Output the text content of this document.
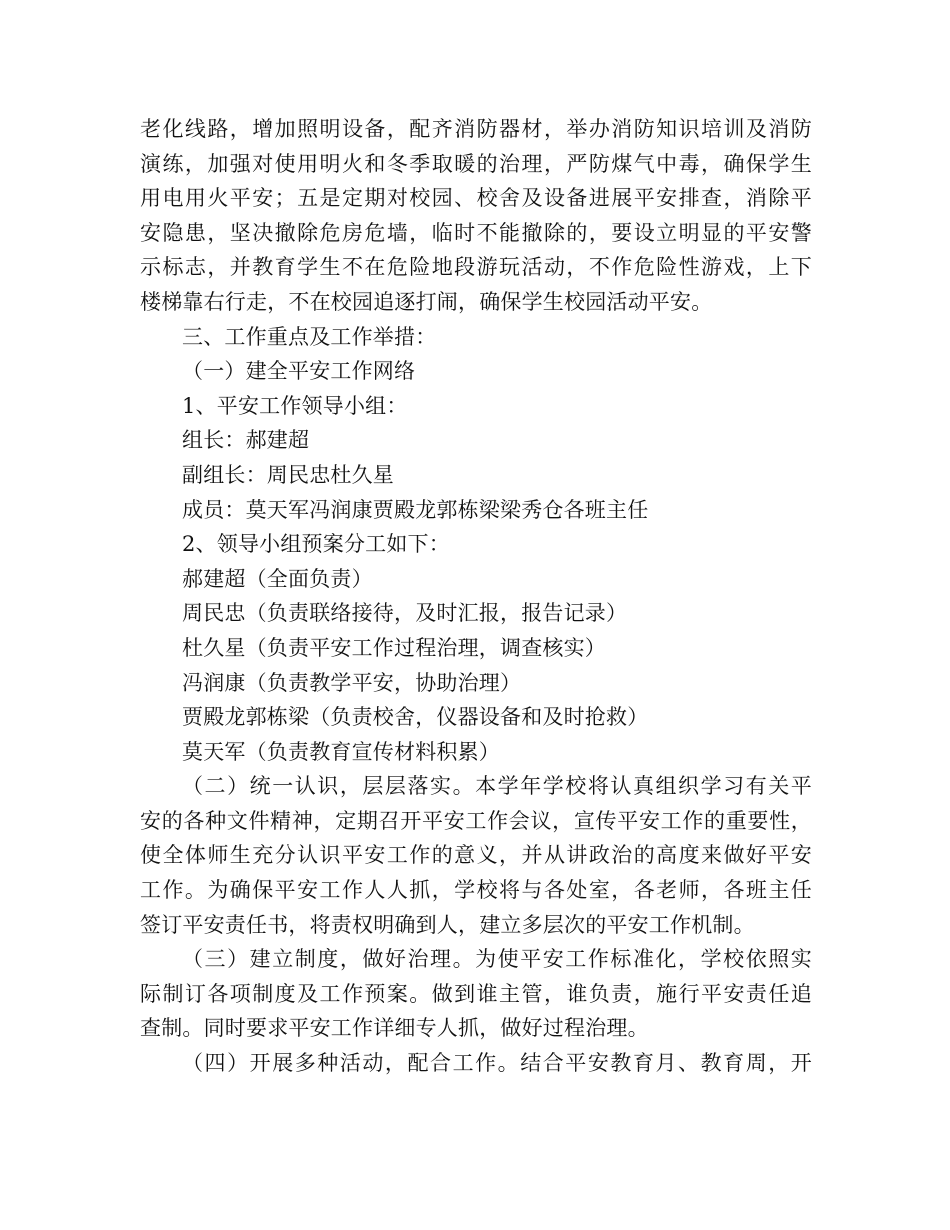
老化线路，增加照明设备，配齐消防器材，举办消防知识培训及消防
演练，加强对使用明火和冬季取暖的治理，严防煤气中毒，确保学生
用电用火平安；五是定期对校园、校舍及设备进展平安排查，消除平
安隐患，坚决撤除危房危墙，临时不能撤除的，要设立明显的平安警
示标志，并教育学生不在危险地段游玩活动，不作危险性游戏，上下
楼梯靠右行走，不在校园追逐打闹，确保学生校园活动平安。
三、工作重点及工作举措：
（一）建全平安工作网络
1、平安工作领导小组：
组长：郝建超
副组长：周民忠杜久星
成员：莫天军冯润康贾殿龙郭栋梁梁秀仓各班主任
2、领导小组预案分工如下：
郝建超（全面负责）
周民忠（负责联络接待，及时汇报，报告记录）
杜久星（负责平安工作过程治理，调查核实）
冯润康（负责教学平安，协助治理）
贾殿龙郭栋梁（负责校舍，仪器设备和及时抢救）
莫天军（负责教育宣传材料积累）
（二）统一认识，层层落实。本学年学校将认真组织学习有关平
安的各种文件精神，定期召开平安工作会议，宣传平安工作的重要性，
使全体师生充分认识平安工作的意义，并从讲政治的高度来做好平安
工作。为确保平安工作人人抓，学校将与各处室，各老师，各班主任
签订平安责任书，将责权明确到人，建立多层次的平安工作机制。
（三）建立制度，做好治理。为使平安工作标准化，学校依照实
际制订各项制度及工作预案。做到谁主管，谁负责，施行平安责任追
查制。同时要求平安工作详细专人抓，做好过程治理。
（四）开展多种活动，配合工作。结合平安教育月、教育周，开
